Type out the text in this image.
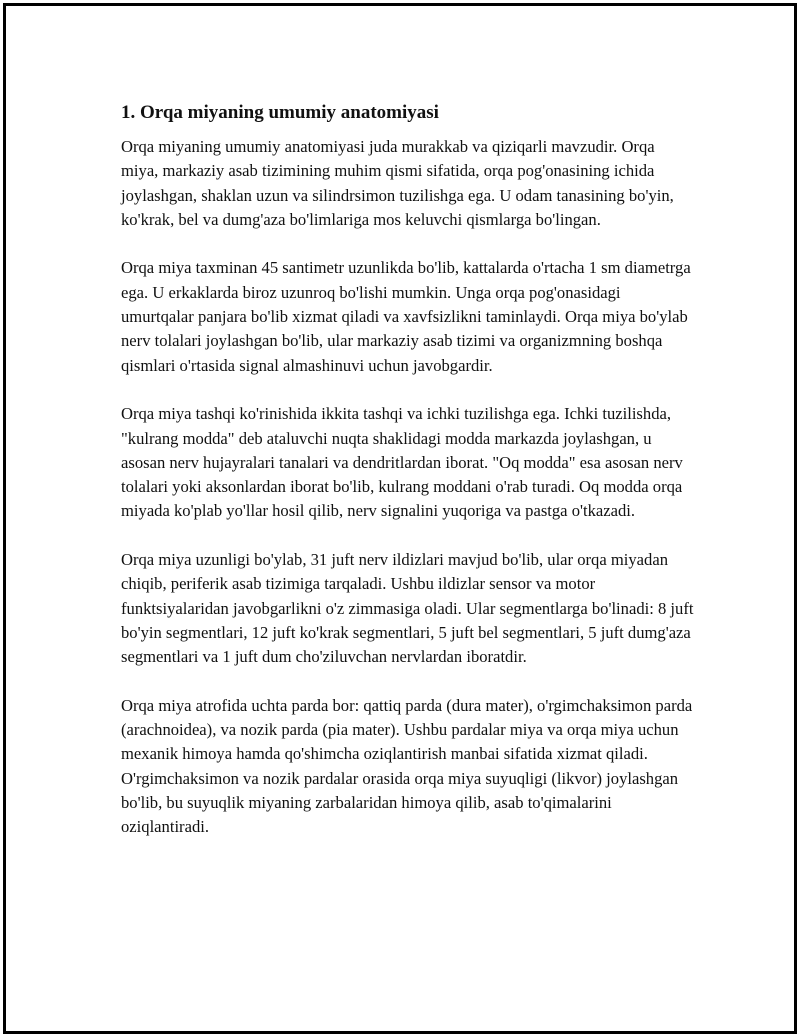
1. Orqa miyaning umumiy anatomiyasi

Orqa miyaning umumiy anatomiyasi juda murakkab va qiziqarli mavzudir. Orqa miya, markaziy asab tizimining muhim qismi sifatida, orqa pog'onasining ichida joylashgan, shaklan uzun va silindrsimon tuzilishga ega. U odam tanasining bo'yin, ko'krak, bel va dumg'aza bo'limlariga mos keluvchi qismlarga bo'lingan.

Orqa miya taxminan 45 santimetr uzunlikda bo'lib, kattalarda o'rtacha 1 sm diametrga ega. U erkaklarda biroz uzunroq bo'lishi mumkin. Unga orqa pog'onasidagi umurtqalar panjara bo'lib xizmat qiladi va xavfsizlikni taminlaydi. Orqa miya bo'ylab nerv tolalari joylashgan bo'lib, ular markaziy asab tizimi va organizmning boshqa qismlari o'rtasida signal almashinuvi uchun javobgardir.

Orqa miya tashqi ko'rinishida ikkita tashqi va ichki tuzilishga ega. Ichki tuzilishda, "kulrang modda" deb ataluvchi nuqta shaklidagi modda markazda joylashgan, u asosan nerv hujayralari tanalari va dendritlardan iborat. "Oq modda" esa asosan nerv tolalari yoki aksonlardan iborat bo'lib, kulrang moddani o'rab turadi. Oq modda orqa miyada ko'plab yo'llar hosil qilib, nerv signalini yuqoriga va pastga o'tkazadi.

Orqa miya uzunligi bo'ylab, 31 juft nerv ildizlari mavjud bo'lib, ular orqa miyadan chiqib, periferik asab tizimiga tarqaladi. Ushbu ildizlar sensor va motor funktsiyalaridan javobgarlikni o'z zimmasiga oladi. Ular segmentlarga bo'linadi: 8 juft bo'yin segmentlari, 12 juft ko'krak segmentlari, 5 juft bel segmentlari, 5 juft dumg'aza segmentlari va 1 juft dum cho'ziluvchan nervlardan iboratdir.

Orqa miya atrofida uchta parda bor: qattiq parda (dura mater), o'rgimchaksimon parda (arachnoidea), va nozik parda (pia mater). Ushbu pardalar miya va orqa miya uchun mexanik himoya hamda qo'shimcha oziqlantirish manbai sifatida xizmat qiladi. O'rgimchaksimon va nozik pardalar orasida orqa miya suyuqligi (likvor) joylashgan bo'lib, bu suyuqlik miyaning zarbalaridan himoya qilib, asab to'qimalarini oziqlantiradi.
